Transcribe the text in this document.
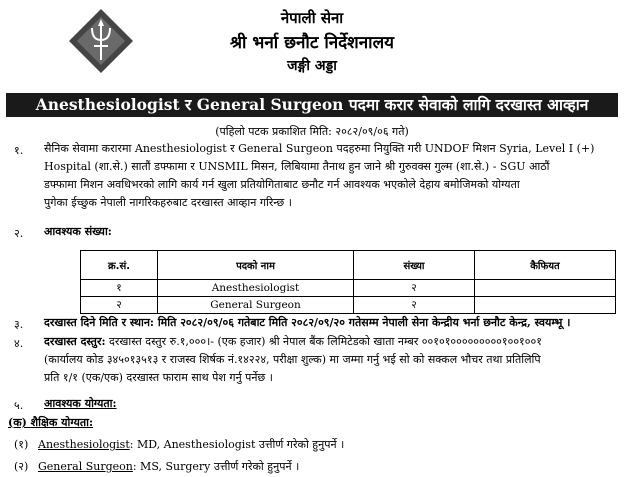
नेपाली सेना
श्री भर्ना छनौट निर्देशनालय
जङ्गी अड्डा
Anesthesiologist र General Surgeon पदमा करार सेवाको लागि दरखास्त आव्हान
(पहिलो पटक प्रकाशित मिति: २०८२/०९/०६ गते)
१. सैनिक सेवामा करारमा Anesthesiologist र General Surgeon पदहरुमा नियुक्ति गरी UNDOF मिशन Syria, Level I (+)
Hospital (शा.से.) सातौं डफ्फामा र UNSMIL मिसन, लिबियामा तैनाथ हुन जाने श्री गुरुवक्स गुल्म (शा.से.) - SGU आठौं
डफ्फामा मिशन अवधिभरको लागि कार्य गर्न खुला प्रतियोगिताबाट छनौट गर्न आवश्यक भएकोले देहाय बमोजिमको योग्यता
पुगेका ईच्छुक नेपाली नागरिकहरुबाट दरखास्त आव्हान गरिन्छ ।
२. आवश्यक संख्या:
क्र.सं.	पदको नाम	संख्या	कैफियत
१	Anesthesiologist	२	
२	General Surgeon	२	
३. दरखास्त दिने मिति र स्थान: मिति २०८२/०९/०६ गतेबाट मिति २०८२/०९/२० गतेसम्म नेपाली सेना केन्द्रीय भर्ना छनौट केन्द्र, स्वयम्भू ।
४. दरखास्त दस्तुर: दरखास्त दस्तुर रु.१,०००।- (एक हजार) श्री नेपाल बैंक लिमिटेडको खाता नम्बर ००१०१०००००००००१००१००१
(कार्यालय कोड ३४५०१३५१३ र राजस्व शिर्षक नं.१४२२४, परीक्षा शुल्क) मा जम्मा गर्नु भई सो को सक्कल भौचर तथा प्रतिलिपि
प्रति १/१ (एक/एक) दरखास्त फाराम साथ पेश गर्नु पर्नेछ ।
५. आवश्यक योग्यता:
(क) शैक्षिक योग्यता:
(१) Anesthesiologist: MD, Anesthesiologist उत्तीर्ण गरेको हुनुपर्ने ।
(२) General Surgeon: MS, Surgery उत्तीर्ण गरेको हुनुपर्ने ।
